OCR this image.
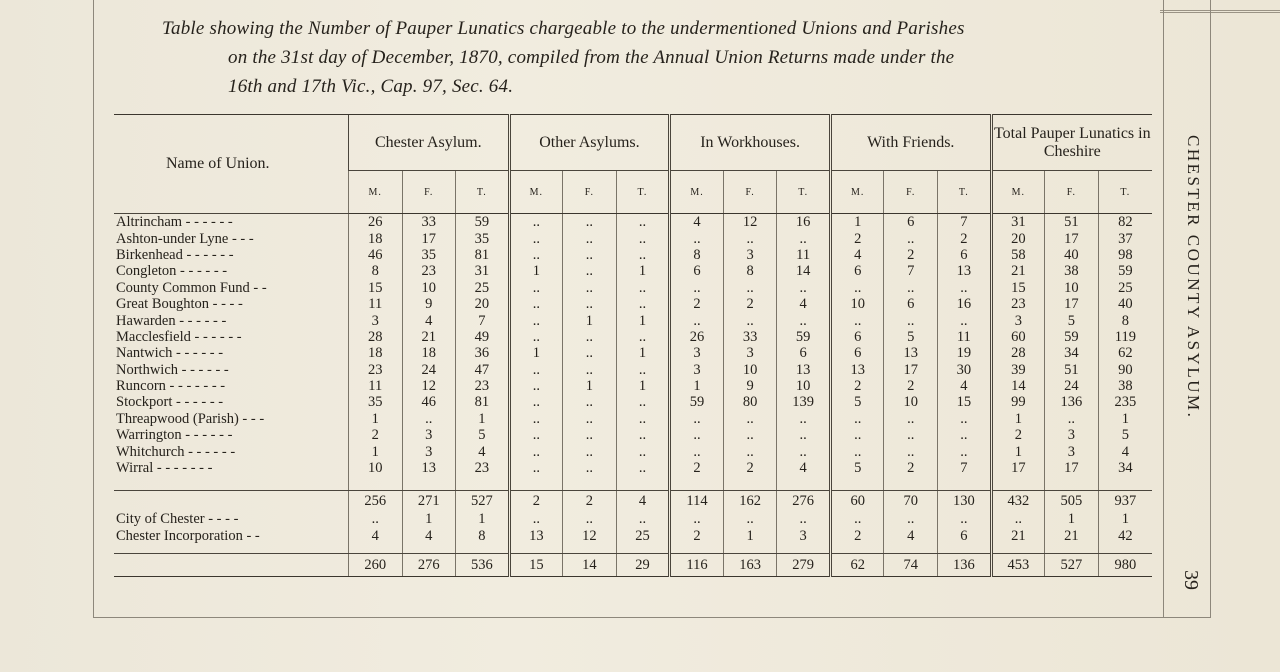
Table showing the Number of Pauper Lunatics chargeable to the undermentioned Unions and Parishes
on the 31st day of December, 1870, compiled from the Annual Union Returns made under the
16th and 17th Vic., Cap. 97, Sec. 64.
CHESTER COUNTY ASYLUM.
39
Name of Union.	Chester Asylum.			Other Asylums.			In Workhouses.			With Friends.			Total Pauper Lunatics in Cheshire		
	M.	F.	T.	M.	F.	T.	M.	F.	T.	M.	F.	T.	M.	F.	T.
Altrincham - - - - - -	26	33	59	..	..	..	4	12	16	1	6	7	31	51	82
Ashton-under Lyne - - -	18	17	35	..	..	..	..	..	..	2	..	2	20	17	37
Birkenhead - - - - - -	46	35	81	..	..	..	8	3	11	4	2	6	58	40	98
Congleton - - - - - -	8	23	31	1	..	1	6	8	14	6	7	13	21	38	59
County Common Fund - -	15	10	25	..	..	..	..	..	..	..	..	..	15	10	25
Great Boughton - - - -	11	9	20	..	..	..	2	2	4	10	6	16	23	17	40
Hawarden - - - - - -	3	4	7	..	1	1	..	..	..	..	..	..	3	5	8
Macclesfield - - - - - -	28	21	49	..	..	..	26	33	59	6	5	11	60	59	119
Nantwich - - - - - -	18	18	36	1	..	1	3	3	6	6	13	19	28	34	62
Northwich - - - - - -	23	24	47	..	..	..	3	10	13	13	17	30	39	51	90
Runcorn - - - - - - -	11	12	23	..	1	1	1	9	10	2	2	4	14	24	38
Stockport - - - - - -	35	46	81	..	..	..	59	80	139	5	10	15	99	136	235
Threapwood (Parish) - - -	1	..	1	..	..	..	..	..	..	..	..	..	1	..	1
Warrington - - - - - -	2	3	5	..	..	..	..	..	..	..	..	..	2	3	5
Whitchurch - - - - - -	1	3	4	..	..	..	..	..	..	..	..	..	1	3	4
Wirral - - - - - - -	10	13	23	..	..	..	2	2	4	5	2	7	17	17	34

	256	271	527	2	2	4	114	162	276	60	70	130	432	505	937
City of Chester - - - -	..	1	1	..	..	..	..	..	..	..	..	..	..	1	1
Chester Incorporation - -	4	4	8	13	12	25	2	1	3	2	4	6	21	21	42

	260	276	536	15	14	29	116	163	279	62	74	136	453	527	980
